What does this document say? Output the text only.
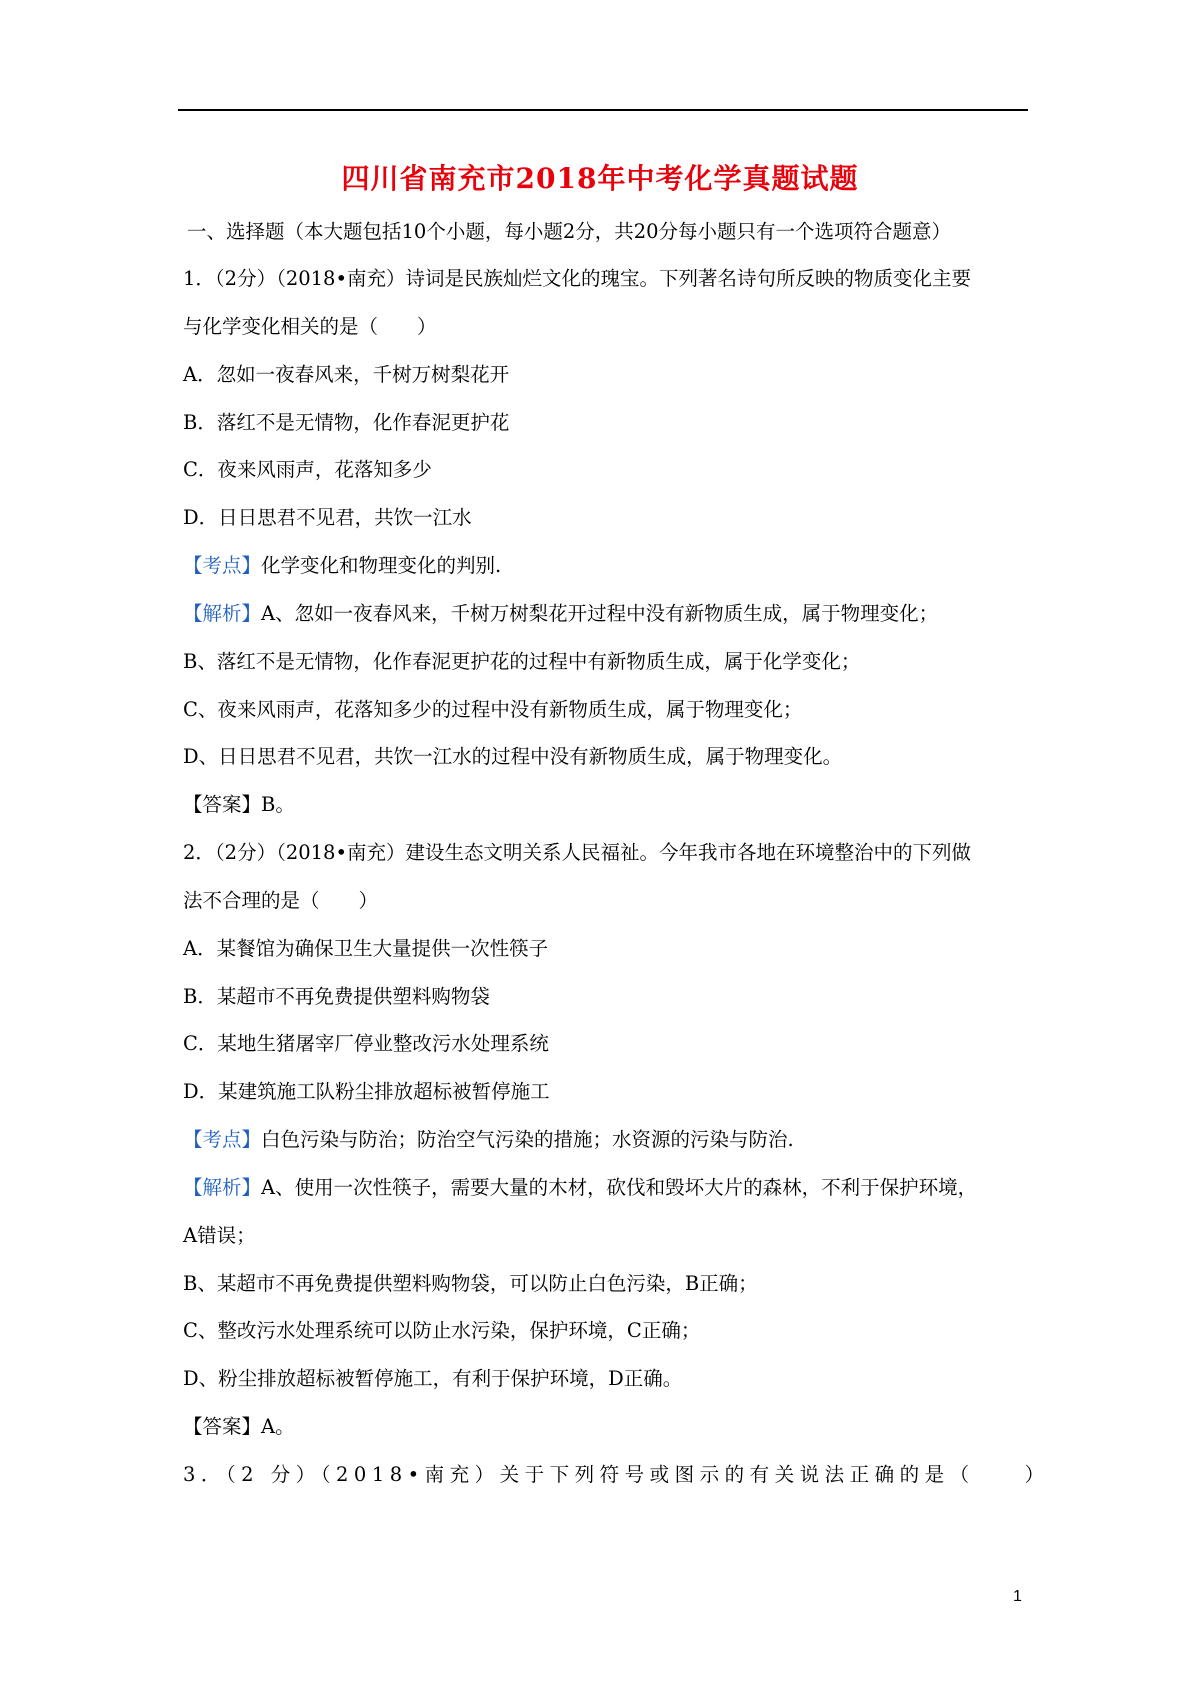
四川省南充市2018年中考化学真题试题
一、选择题（本大题包括10个小题，每小题2分，共20分每小题只有一个选项符合题意）
1．（2分）（2018•南充）诗词是民族灿烂文化的瑰宝。下列著名诗句所反映的物质变化主要
与化学变化相关的是（　　）
A．忽如一夜春风来，千树万树梨花开
B．落红不是无情物，化作春泥更护花
C．夜来风雨声，花落知多少
D．日日思君不见君，共饮一江水
【考点】化学变化和物理变化的判别.
【解析】A、忽如一夜春风来，千树万树梨花开过程中没有新物质生成，属于物理变化；
B、落红不是无情物，化作春泥更护花的过程中有新物质生成，属于化学变化；
C、夜来风雨声，花落知多少的过程中没有新物质生成，属于物理变化；
D、日日思君不见君，共饮一江水的过程中没有新物质生成，属于物理变化。
【答案】B。
2．（2分）（2018•南充）建设生态文明关系人民福祉。今年我市各地在环境整治中的下列做
法不合理的是（　　）
A．某餐馆为确保卫生大量提供一次性筷子
B．某超市不再免费提供塑料购物袋
C．某地生猪屠宰厂停业整改污水处理系统
D．某建筑施工队粉尘排放超标被暂停施工
【考点】白色污染与防治；防治空气污染的措施；水资源的污染与防治.
【解析】A、使用一次性筷子，需要大量的木材，砍伐和毁坏大片的森林，不利于保护环境，
A错误；
B、某超市不再免费提供塑料购物袋，可以防止白色污染，B正确；
C、整改污水处理系统可以防止水污染，保护环境，C正确；
D、粉尘排放超标被暂停施工，有利于保护环境，D正确。
【答案】A。
3．（2 分）（2018•南充）关于下列符号或图示的有关说法正确的是（　　）
1
